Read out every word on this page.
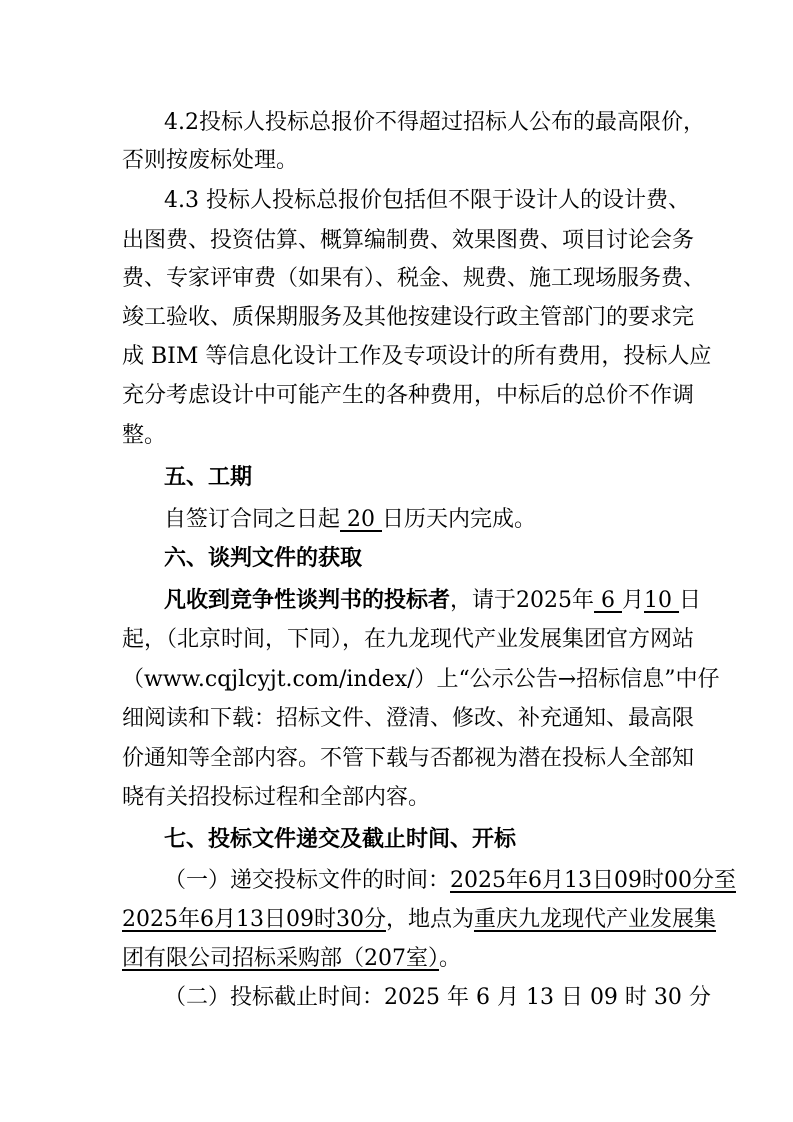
4.2投标人投标总报价不得超过招标人公布的最高限价，
否则按废标处理。
4.3 投标人投标总报价包括但不限于设计人的设计费、
出图费、投资估算、概算编制费、效果图费、项目讨论会务
费、专家评审费（如果有）、税金、规费、施工现场服务费、
竣工验收、质保期服务及其他按建设行政主管部门的要求完
成 BIM 等信息化设计工作及专项设计的所有费用，投标人应
充分考虑设计中可能产生的各种费用，中标后的总价不作调
整。
五、工期
自签订合同之日起 20 日历天内完成。
六、谈判文件的获取
凡收到竞争性谈判书的投标者，请于2025年 6 月10 日
起，（北京时间，下同），在九龙现代产业发展集团官方网站
（www.cqjlcyjt.com/index/）上“公示公告→招标信息”中仔
细阅读和下载：招标文件、澄清、修改、补充通知、最高限
价通知等全部内容。不管下载与否都视为潜在投标人全部知
晓有关招投标过程和全部内容。
七、投标文件递交及截止时间、开标
（一）递交投标文件的时间：2025年6月13日09时00分至
2025年6月13日09时30分，地点为重庆九龙现代产业发展集
团有限公司招标采购部（207室）。
（二）投标截止时间：2025 年 6 月 13 日 09 时 30 分
